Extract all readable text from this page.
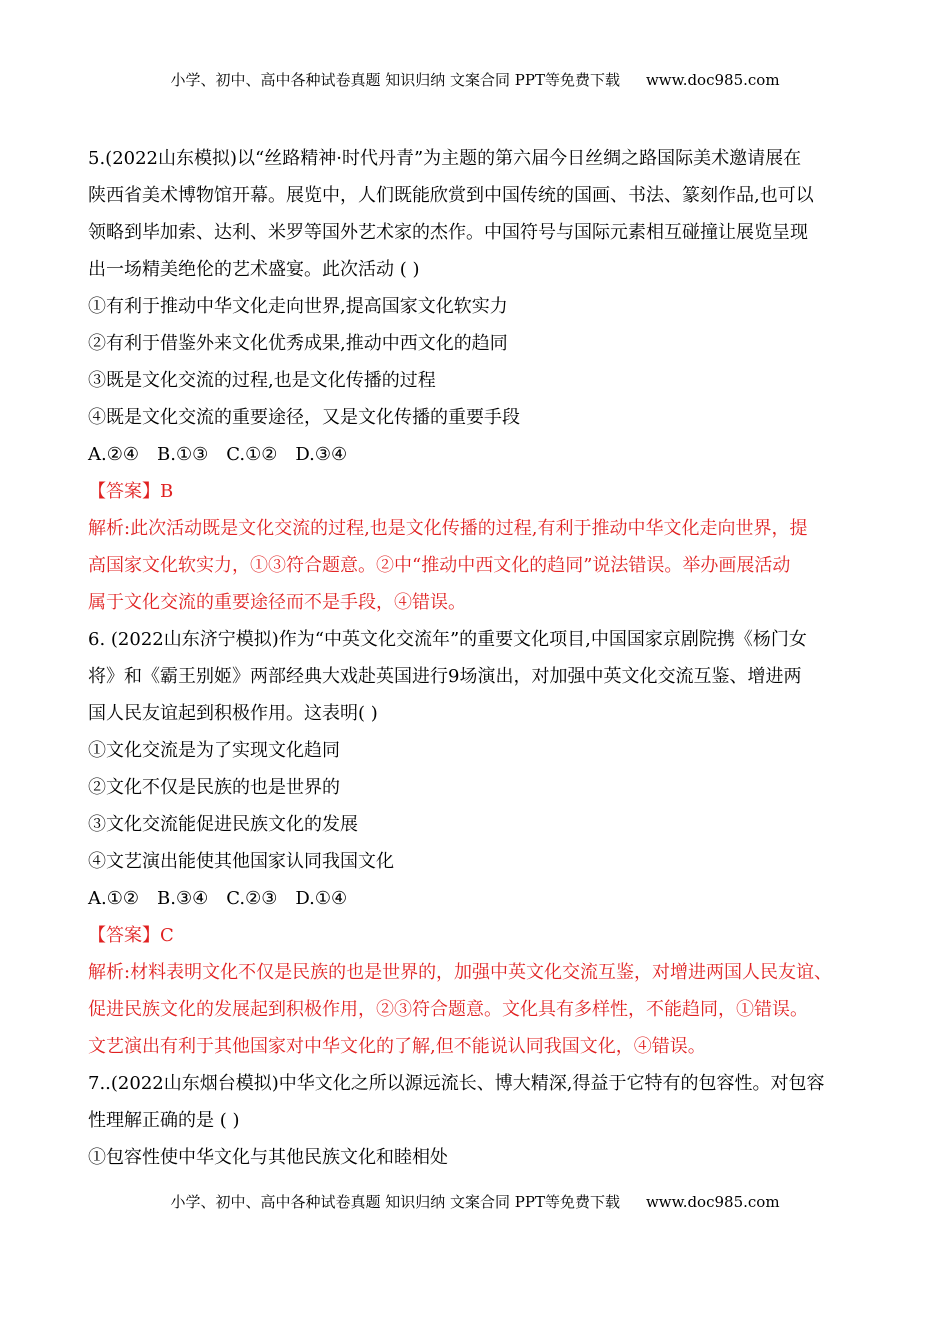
小学、初中、高中各种试卷真题 知识归纳 文案合同 PPT等免费下载 www.doc985.com
5.(2022山东模拟)以“丝路精神·时代丹青”为主题的第六届今日丝绸之路国际美术邀请展在
陕西省美术博物馆开幕。展览中，人们既能欣赏到中国传统的国画、书法、篆刻作品,也可以
领略到毕加索、达利、米罗等国外艺术家的杰作。中国符号与国际元素相互碰撞让展览呈现
出一场精美绝伦的艺术盛宴。此次活动 ( )
①有利于推动中华文化走向世界,提高国家文化软实力
②有利于借鉴外来文化优秀成果,推动中西文化的趋同
③既是文化交流的过程,也是文化传播的过程
④既是文化交流的重要途径，又是文化传播的重要手段
A.②④ B.①③ C.①② D.③④
【答案】B
解析:此次活动既是文化交流的过程,也是文化传播的过程,有利于推动中华文化走向世界，提
高国家文化软实力，①③符合题意。②中“推动中西文化的趋同”说法错误。举办画展活动
属于文化交流的重要途径而不是手段，④错误。
6. (2022山东济宁模拟)作为“中英文化交流年”的重要文化项目,中国国家京剧院携《杨门女
将》和《霸王别姬》两部经典大戏赴英国进行9场演出，对加强中英文化交流互鉴、增进两
国人民友谊起到积极作用。这表明( )
①文化交流是为了实现文化趋同
②文化不仅是民族的也是世界的
③文化交流能促进民族文化的发展
④文艺演出能使其他国家认同我国文化
A.①② B.③④ C.②③ D.①④
【答案】C
解析:材料表明文化不仅是民族的也是世界的，加强中英文化交流互鉴，对增进两国人民友谊、
促进民族文化的发展起到积极作用，②③符合题意。文化具有多样性，不能趋同，①错误。
文艺演出有利于其他国家对中华文化的了解,但不能说认同我国文化，④错误。
7..(2022山东烟台模拟)中华文化之所以源远流长、博大精深,得益于它特有的包容性。对包容
性理解正确的是 ( )
①包容性使中华文化与其他民族文化和睦相处
小学、初中、高中各种试卷真题 知识归纳 文案合同 PPT等免费下载 www.doc985.com
